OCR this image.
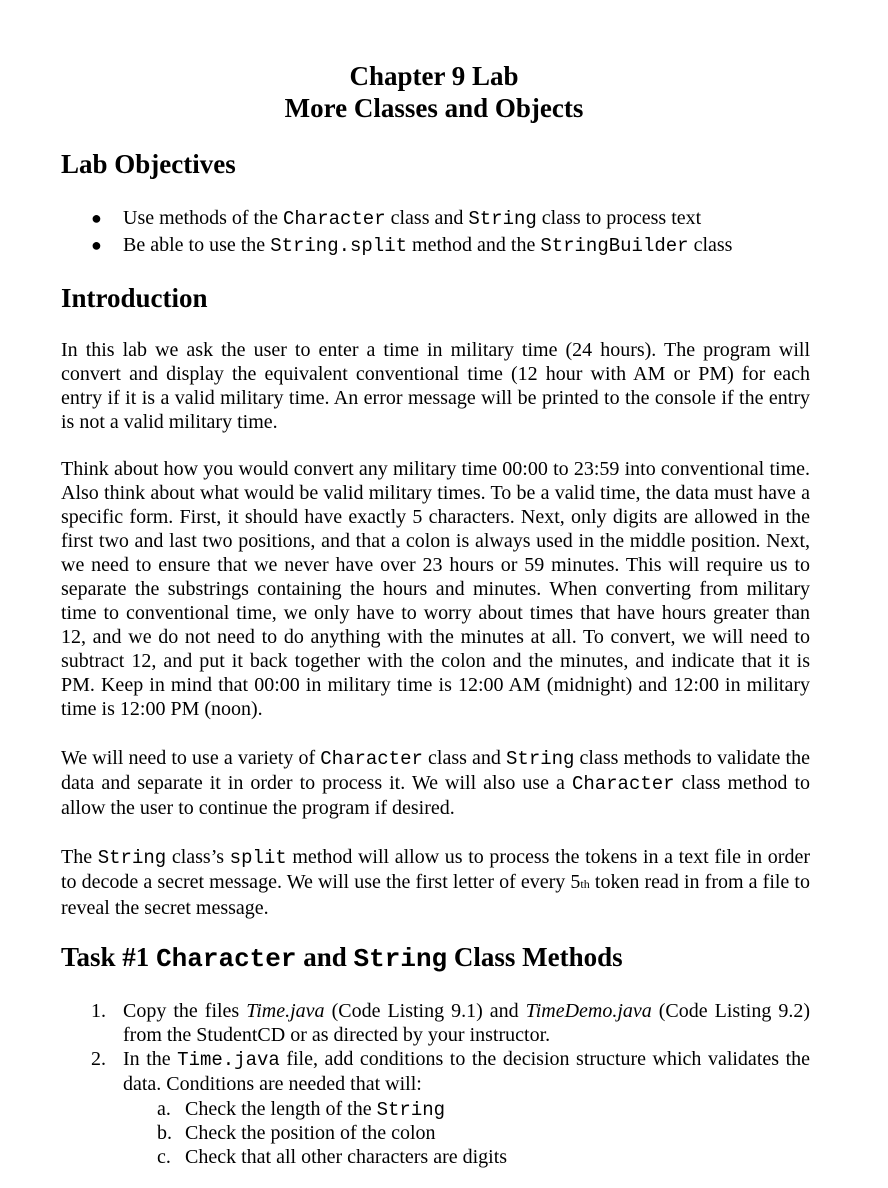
Chapter 9 Lab
More Classes and Objects
Lab Objectives
● Use methods of the Character class and String class to process text
● Be able to use the String.split method and the StringBuilder class
Introduction

In this lab we ask the user to enter a time in military time (24 hours). The program will convert and display the equivalent conventional time (12 hour with AM or PM) for each entry if it is a valid military time. An error message will be printed to the console if the entry is not a valid military time.

Think about how you would convert any military time 00:00 to 23:59 into conventional time. Also think about what would be valid military times. To be a valid time, the data must have a specific form. First, it should have exactly 5 characters. Next, only digits are allowed in the first two and last two positions, and that a colon is always used in the middle position. Next, we need to ensure that we never have over 23 hours or 59 minutes. This will require us to separate the substrings containing the hours and minutes. When converting from military time to conventional time, we only have to worry about times that have hours greater than 12, and we do not need to do anything with the minutes at all. To convert, we will need to subtract 12, and put it back together with the colon and the minutes, and indicate that it is PM. Keep in mind that 00:00 in military time is 12:00 AM (midnight) and 12:00 in military time is 12:00 PM (noon).

We will need to use a variety of Character class and String class methods to validate the data and separate it in order to process it. We will also use a Character class method to allow the user to continue the program if desired.

The String class’s split method will allow us to process the tokens in a text file in order to decode a secret message. We will use the first letter of every 5th token read in from a file to reveal the secret message.

Task #1 Character and String Class Methods
1. Copy the files Time.java (Code Listing 9.1) and TimeDemo.java (Code Listing 9.2) from the StudentCD or as directed by your instructor.
2. In the Time.java file, add conditions to the decision structure which validates the data. Conditions are needed that will:
a. Check the length of the String
b. Check the position of the colon
c. Check that all other characters are digits
